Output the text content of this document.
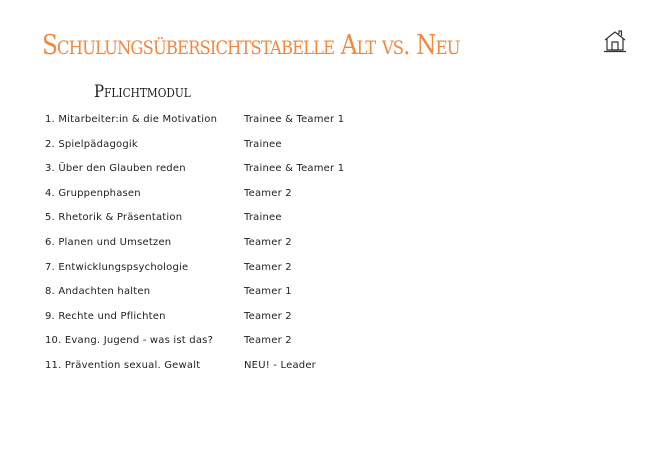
Schulungsübersichtstabelle Alt vs. Neu
Pflichtmodul
1. Mitarbeiter:in & die Motivation	Trainee & Teamer 1
2. Spielpädagogik	Trainee
3. Über den Glauben reden	Trainee & Teamer 1
4. Gruppenphasen	Teamer 2
5. Rhetorik & Präsentation	Trainee
6. Planen und Umsetzen	Teamer 2
7. Entwicklungspsychologie	Teamer 2
8. Andachten halten	Teamer 1
9. Rechte und Pflichten	Teamer 2
10. Evang. Jugend - was ist das?	Teamer 2
11. Prävention sexual. Gewalt	NEU! - Leader
